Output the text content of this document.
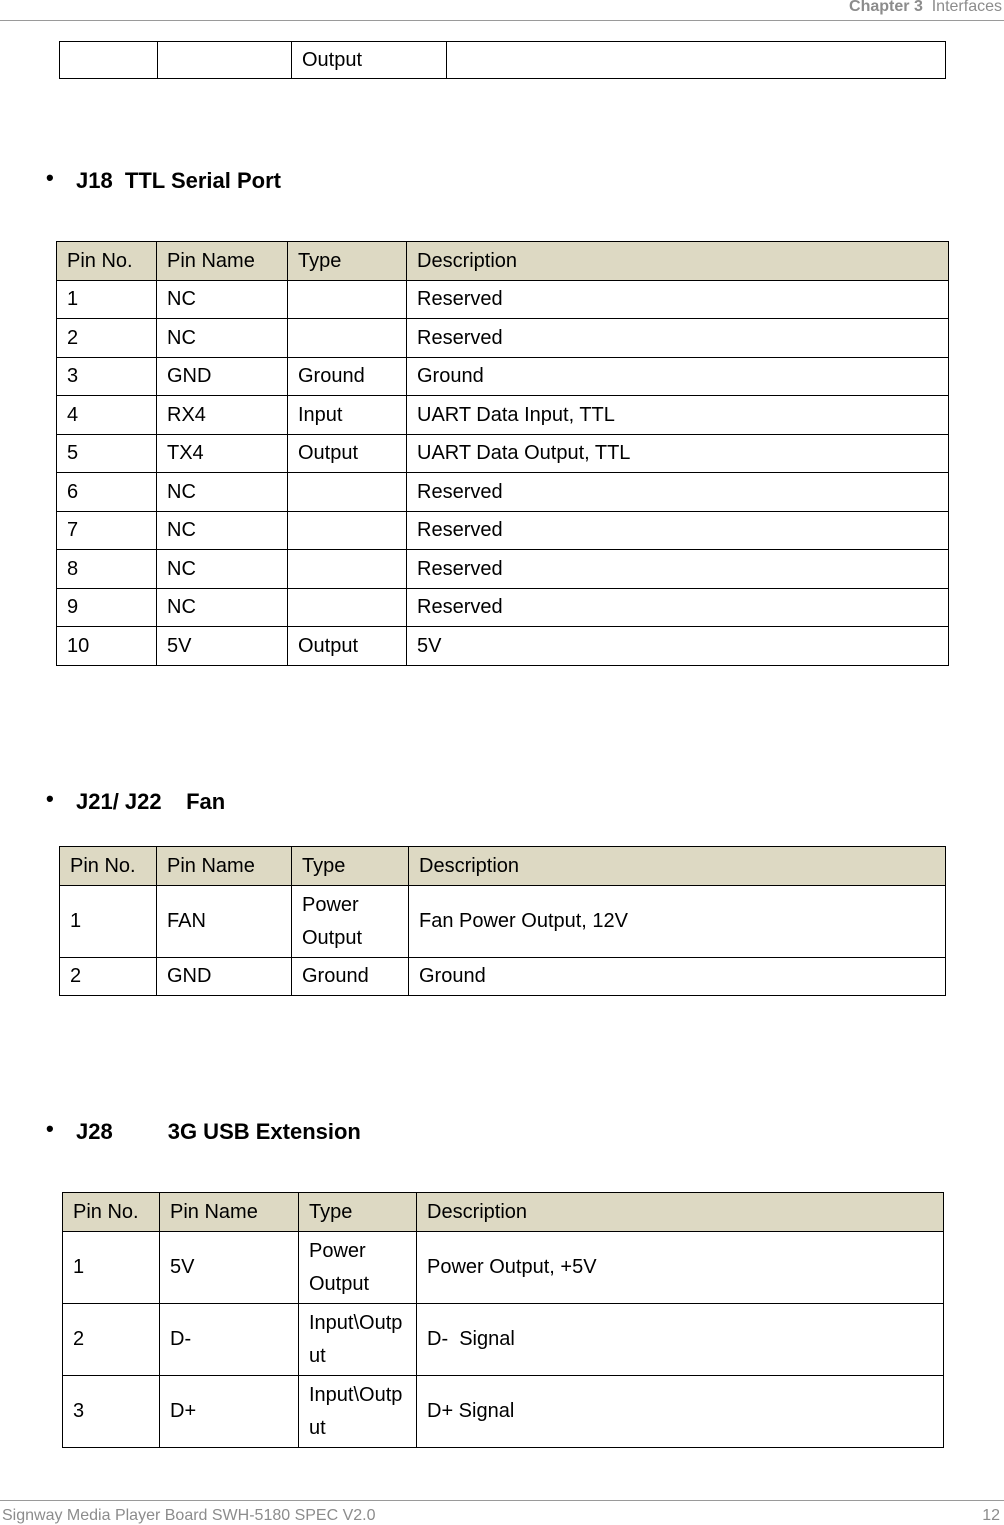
Chapter 3 Interfaces
		Output	
• J18  TTL Serial Port
Pin No.	Pin Name	Type	Description
1	NC		Reserved
2	NC		Reserved
3	GND	Ground	Ground
4	RX4	Input	UART Data Input, TTL
5	TX4	Output	UART Data Output, TTL
6	NC		Reserved
7	NC		Reserved
8	NC		Reserved
9	NC		Reserved
10	5V	Output	5V
• J21/ J22    Fan
Pin No.	Pin Name	Type	Description
1	FAN	Power Output	Fan Power Output, 12V
2	GND	Ground	Ground
• J28         3G USB Extension
Pin No.	Pin Name	Type	Description
1	5V	Power Output	Power Output, +5V
2	D-	Input\Output	D-  Signal
3	D+	Input\Output	D+ Signal
Signway Media Player Board SWH-5180 SPEC V2.0	12
